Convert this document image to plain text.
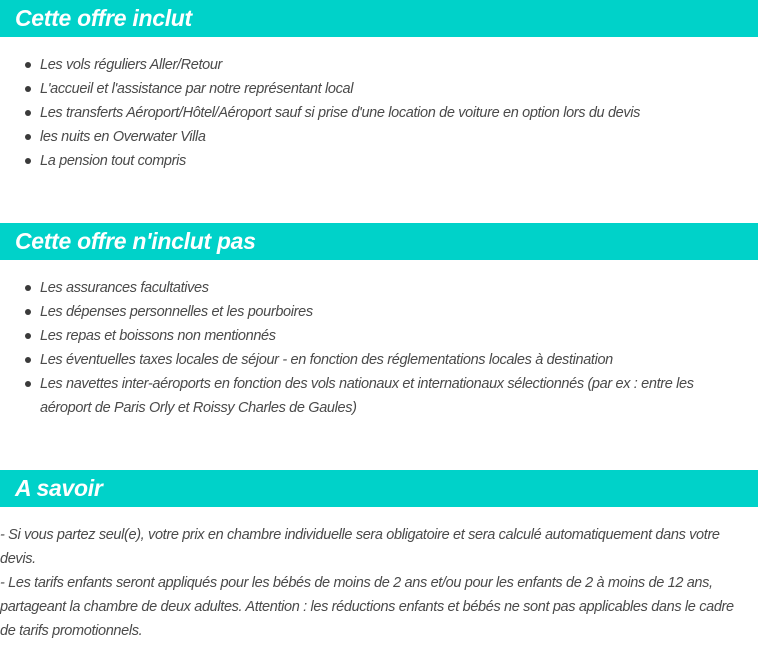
Cette offre inclut
Les vols réguliers Aller/Retour
L'accueil et l'assistance par notre représentant local
Les transferts Aéroport/Hôtel/Aéroport sauf si prise d'une location de voiture en option lors du devis
les nuits en Overwater Villa
La pension tout compris
Cette offre n'inclut pas
Les assurances facultatives
Les dépenses personnelles et les pourboires
Les repas et boissons non mentionnés
Les éventuelles taxes locales de séjour - en fonction des réglementations locales à destination
Les navettes inter-aéroports en fonction des vols nationaux et internationaux sélectionnés (par ex : entre les aéroport de Paris Orly et Roissy Charles de Gaules)
A savoir

- Si vous partez seul(e), votre prix en chambre individuelle sera obligatoire et sera calculé automatiquement dans votre devis.

- Les tarifs enfants seront appliqués pour les bébés de moins de 2 ans et/ou pour les enfants de 2 à moins de 12 ans, partageant la chambre de deux adultes. Attention : les réductions enfants et bébés ne sont pas applicables dans le cadre de tarifs promotionnels.
